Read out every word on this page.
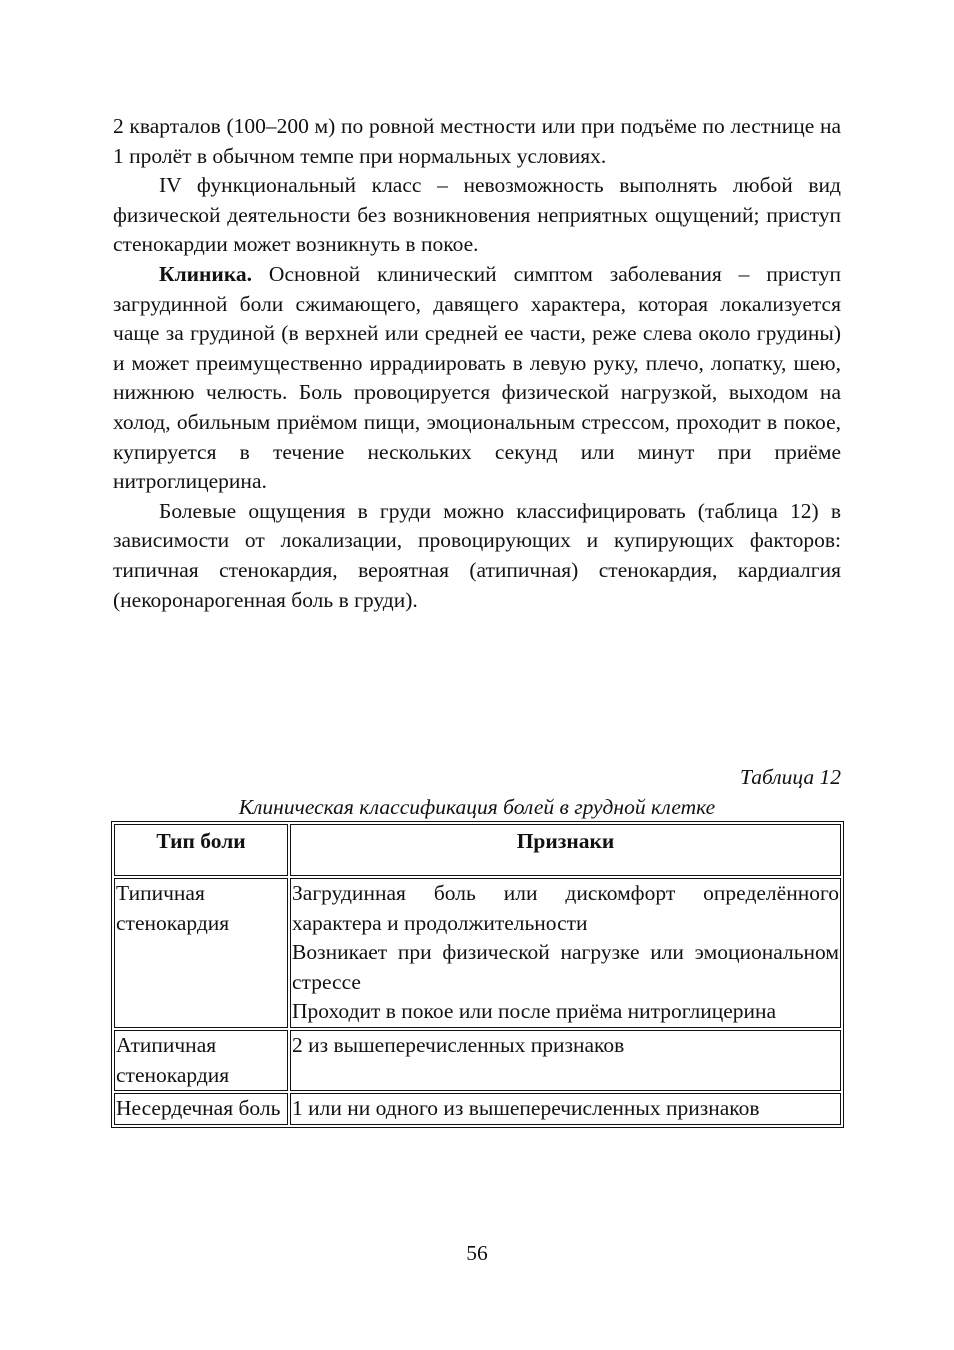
2 кварталов (100–200 м) по ровной местности или при подъёме по лестнице на 1 пролёт в обычном темпе при нормальных условиях.

IV функциональный класс – невозможность выполнять любой вид физической деятельности без возникновения неприятных ощущений; приступ стенокардии может возникнуть в покое.

Клиника. Основной клинический симптом заболевания – приступ загрудинной боли сжимающего, давящего характера, которая локализуется чаще за грудиной (в верхней или средней ее части, реже слева около грудины) и может преимущественно иррадиировать в левую руку, плечо, лопатку, шею, нижнюю челюсть. Боль провоцируется физической нагрузкой, выходом на холод, обильным приёмом пищи, эмоциональным стрессом, проходит в покое, купируется в течение нескольких секунд или минут при приёме нитроглицерина.

Болевые ощущения в груди можно классифицировать (таблица 12) в зависимости от локализации, провоцирующих и купирующих факторов: типичная стенокардия, вероятная (атипичная) стенокардия, кардиалгия (некоронарогенная боль в груди).

Таблица 12
Клиническая классификация болей в грудной клетке
Тип боли	Признаки
Типичная стенокардия	Загрудинная боль или дискомфорт определённого характера и продолжительности
Возникает при физической нагрузке или эмоциональном стрессе
Проходит в покое или после приёма нитроглицерина

Атипичная стенокардия	2 из вышеперечисленных признаков

Несердечная боль	1 или ни одного из вышеперечисленных признаков
56
